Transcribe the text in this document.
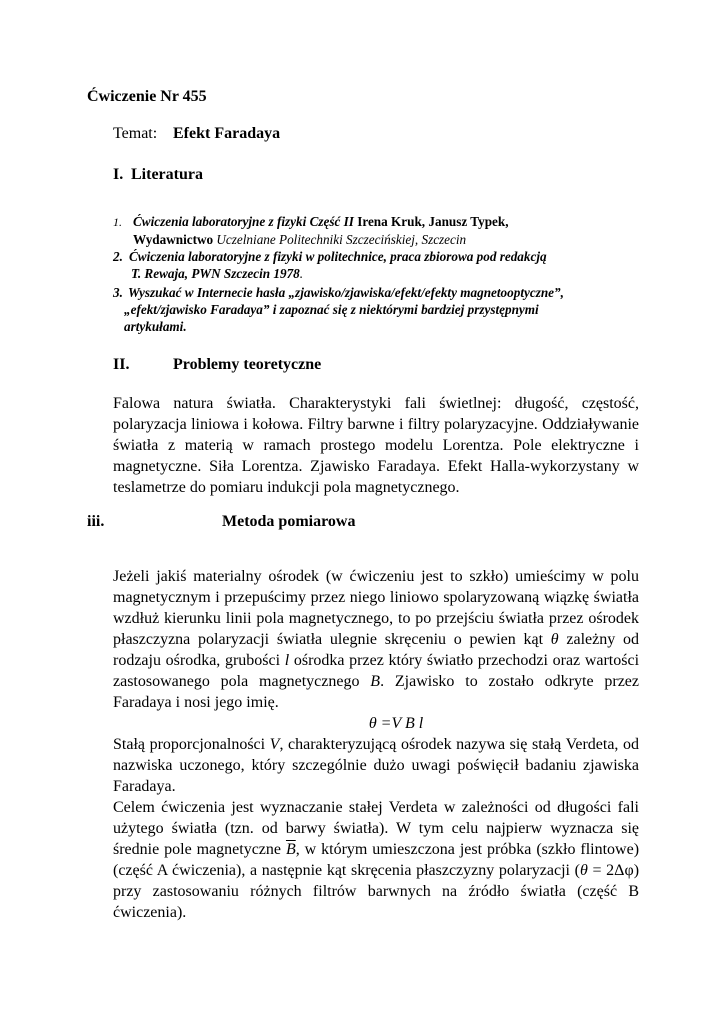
Ćwiczenie Nr 455
Temat: Efekt Faradaya
I. Literatura
1. Ćwiczenia laboratoryjne z fizyki Część II Irena Kruk, Janusz Typek,
Wydawnictwo Uczelniane Politechniki Szczecińskiej, Szczecin
2. Ćwiczenia laboratoryjne z fizyki w politechnice, praca zbiorowa pod redakcją
T. Rewaja, PWN Szczecin 1978.
3. Wyszukać w Internecie hasła „zjawisko/zjawiska/efekt/efekty magnetooptyczne”,
„efekt/zjawisko Faradaya” i zapoznać się z niektórymi bardziej przystępnymi
artykułami.
II.	Problemy teoretyczne

Falowa natura światła. Charakterystyki fali świetlnej: długość, częstość, polaryzacja liniowa i kołowa. Filtry barwne i filtry polaryzacyjne. Oddziaływanie światła z materią w ramach prostego modelu Lorentza. Pole elektryczne i magnetyczne. Siła Lorentza. Zjawisko Faradaya. Efekt Halla-wykorzystany w teslametrze do pomiaru indukcji pola magnetycznego.

iii.	Metoda pomiarowa

Jeżeli jakiś materialny ośrodek (w ćwiczeniu jest to szkło) umieścimy w polu magnetycznym i przepuścimy przez niego liniowo spolaryzowaną wiązkę światła wzdłuż kierunku linii pola magnetycznego, to po przejściu światła przez ośrodek płaszczyzna polaryzacji światła ulegnie skręceniu o pewien kąt θ zależny od rodzaju ośrodka, grubości l ośrodka przez który światło przechodzi oraz wartości zastosowanego pola magnetycznego B. Zjawisko to zostało odkryte przez Faradaya i nosi jego imię.

θ =V B l

Stałą proporcjonalności V, charakteryzującą ośrodek nazywa się stałą Verdeta, od nazwiska uczonego, który szczególnie dużo uwagi poświęcił badaniu zjawiska Faradaya.

Celem ćwiczenia jest wyznaczanie stałej Verdeta w zależności od długości fali użytego światła (tzn. od barwy światła). W tym celu najpierw wyznacza się średnie pole magnetyczne $\overline{B}$, w którym umieszczona jest próbka (szkło flintowe) (część A ćwiczenia), a następnie kąt skręcenia płaszczyzny polaryzacji (θ = 2Δφ) przy zastosowaniu różnych filtrów barwnych na źródło światła (część B ćwiczenia).
